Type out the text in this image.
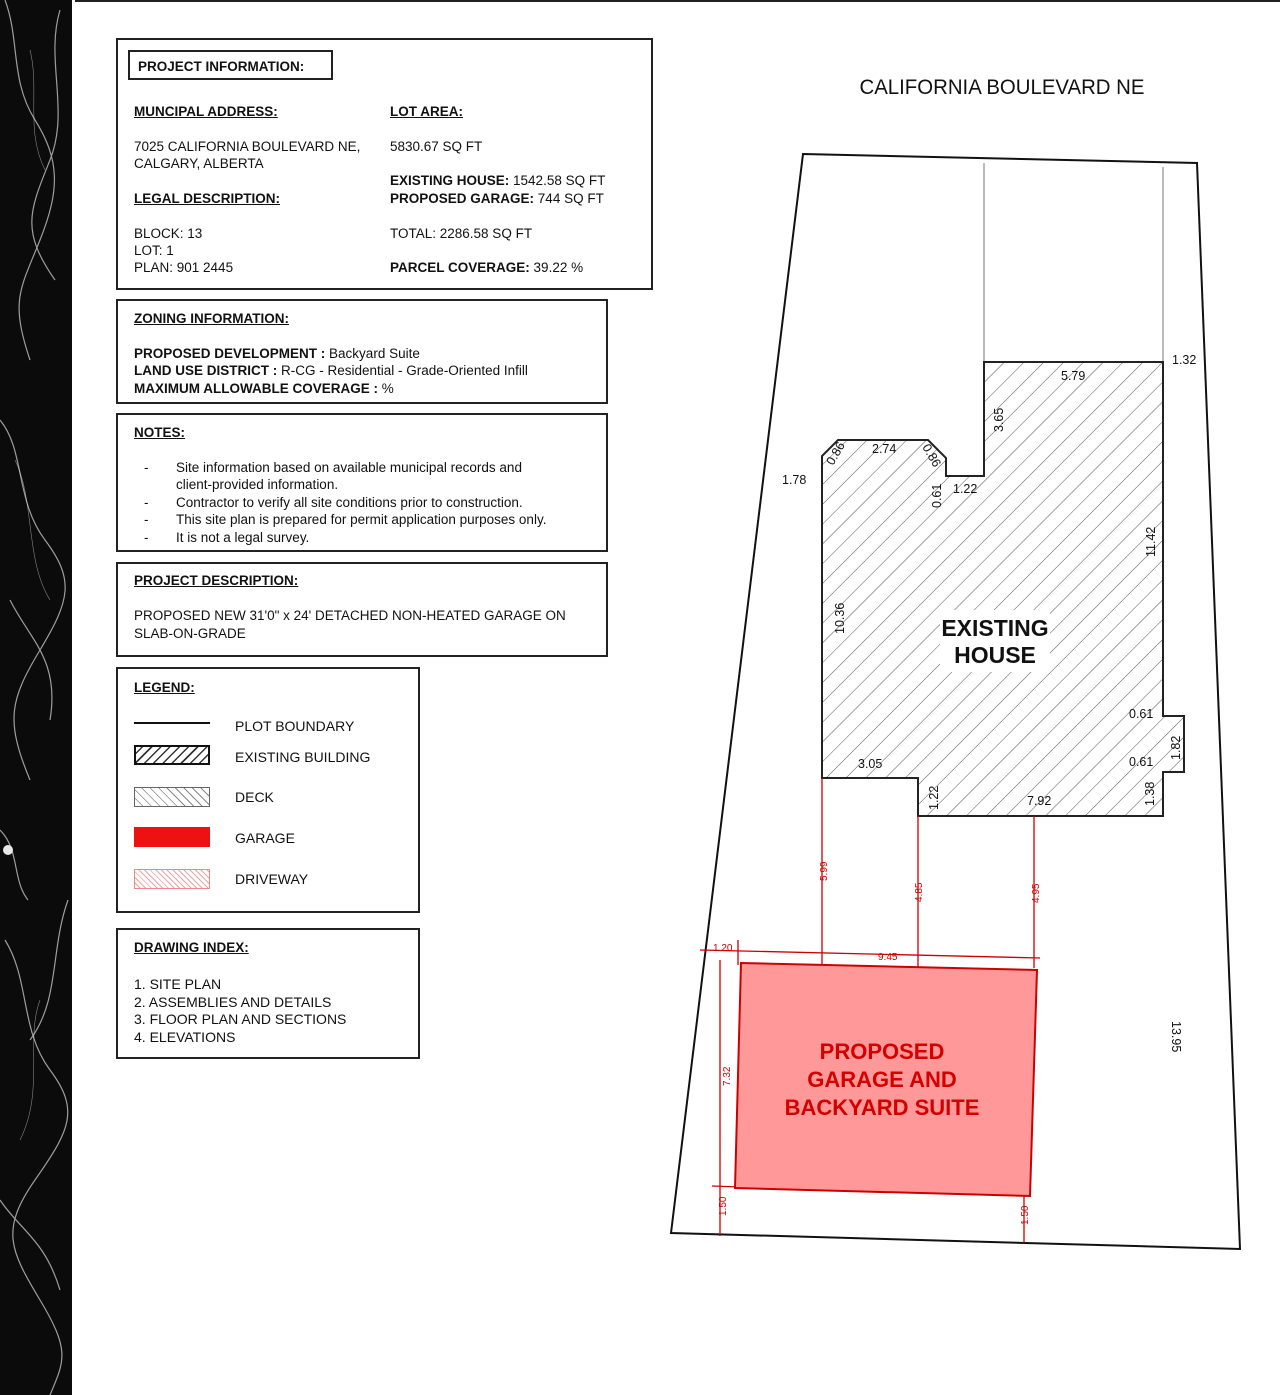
PROJECT INFORMATION:
MUNCIPAL ADDRESS:
7025 CALIFORNIA BOULEVARD NE,
CALGARY, ALBERTA
LEGAL DESCRIPTION:
BLOCK: 13
LOT: 1
PLAN: 901 2445
LOT AREA:
5830.67 SQ FT
EXISTING HOUSE: 1542.58 SQ FT
PROPOSED GARAGE: 744 SQ FT
TOTAL: 2286.58 SQ FT
PARCEL COVERAGE: 39.22 %
ZONING INFORMATION:
PROPOSED DEVELOPMENT : Backyard Suite
LAND USE DISTRICT : R-CG - Residential - Grade-Oriented Infill
MAXIMUM ALLOWABLE COVERAGE : %
NOTES:
- Site information based on available municipal records and
client-provided information.
- Contractor to verify all site conditions prior to construction.
- This site plan is prepared for permit application purposes only.
- It is not a legal survey.
PROJECT DESCRIPTION:
PROPOSED NEW 31'0" x 24' DETACHED NON-HEATED GARAGE ON
SLAB-ON-GRADE
LEGEND:
PLOT BOUNDARY
EXISTING BUILDING
DECK
GARAGE
DRIVEWAY
DRAWING INDEX:
1. SITE PLAN
2. ASSEMBLIES AND DETAILS
3. FLOOR PLAN AND SECTIONS
4. ELEVATIONS
CALIFORNIA BOULEVARD NE
EXISTING
HOUSE
PROPOSED
GARAGE AND
BACKYARD SUITE
1.32
5.79
3.65
0.86 2.74 0.86
0.61 1.22
1.78
11.42
10.36
0.61
1.82
0.61
3.05
1.22	7.92	1.38
13.95
5.99
4.85	4.95
1.20
9.45
7.32
1.50	1.50
